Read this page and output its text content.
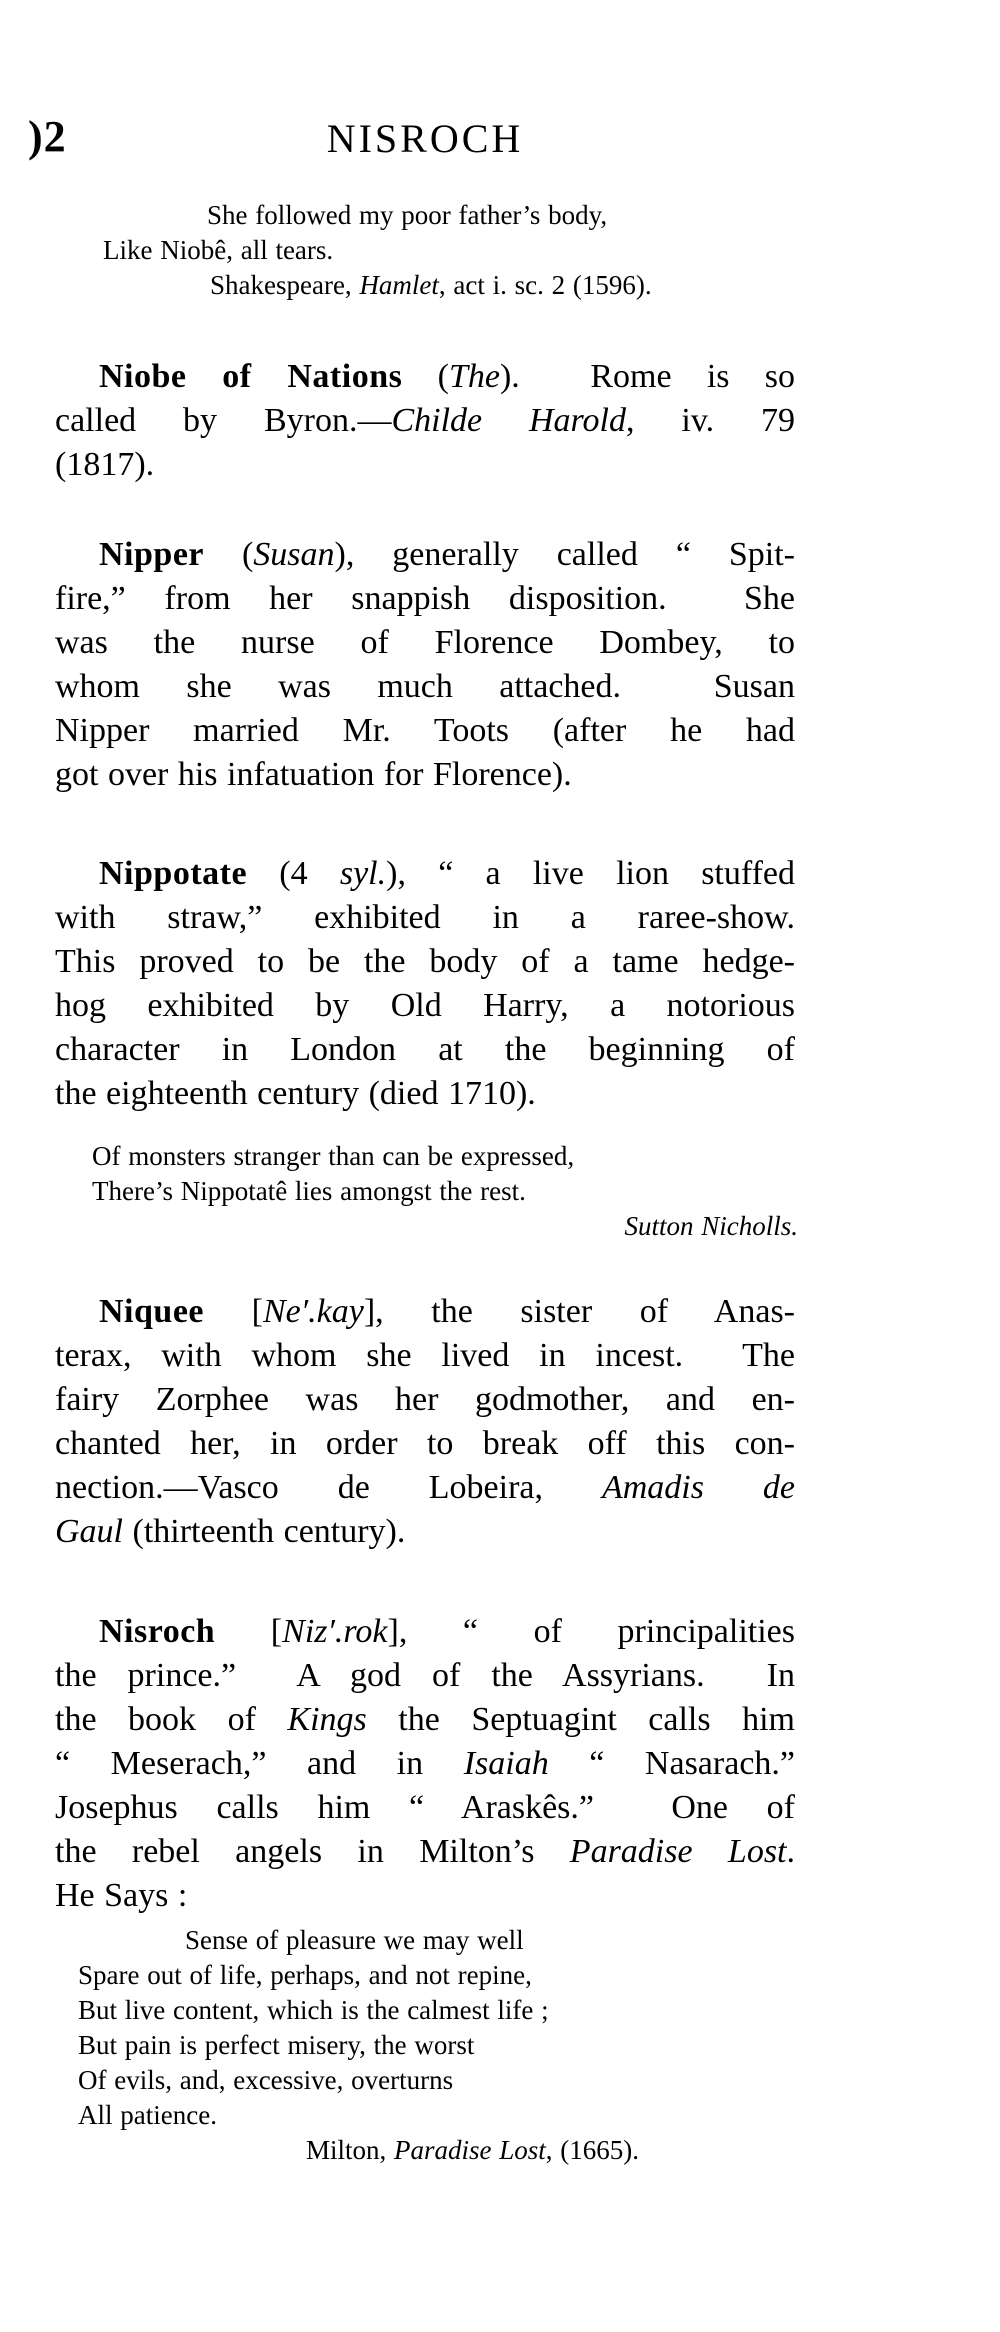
)2	NISROCH
She followed my poor father’s body,
Like Niobê, all tears.
Shakespeare, Hamlet, act i. sc. 2 (1596).
Niobe of Nations (The).  Rome is so
called by Byron.—Childe Harold, iv. 79
(1817).
Nipper (Susan), generally called “ Spit-
fire,” from her snappish disposition.  She
was the nurse of Florence Dombey, to
whom she was much attached.  Susan
Nipper married Mr. Toots (after he had
got over his infatuation for Florence).
Nippotate (4 syl.), “ a live lion stuffed
with straw,” exhibited in a raree-show.
This proved to be the body of a tame hedge-
hog exhibited by Old Harry, a notorious
character in London at the beginning of
the eighteenth century (died 1710).
Of monsters stranger than can be expressed,
There’s Nippotatê lies amongst the rest.
Sutton Nicholls.
Niquee [Ne′.kay], the sister of Anas-
terax, with whom she lived in incest.  The
fairy Zorphee was her godmother, and en-
chanted her, in order to break off this con-
nection.—Vasco de Lobeira, Amadis de
Gaul (thirteenth century).
Nisroch [Niz′.rok], “ of principalities
the prince.”  A god of the Assyrians.  In
the book of Kings the Septuagint calls him
“ Meserach,” and in Isaiah “ Nasarach.”
Josephus calls him “ Araskês.”  One of
the rebel angels in Milton’s Paradise Lost.
He Says :
Sense of pleasure we may well
Spare out of life, perhaps, and not repine,
But live content, which is the calmest life ;
But pain is perfect misery, the worst
Of evils, and, excessive, overturns
All patience.
Milton, Paradise Lost, (1665).
